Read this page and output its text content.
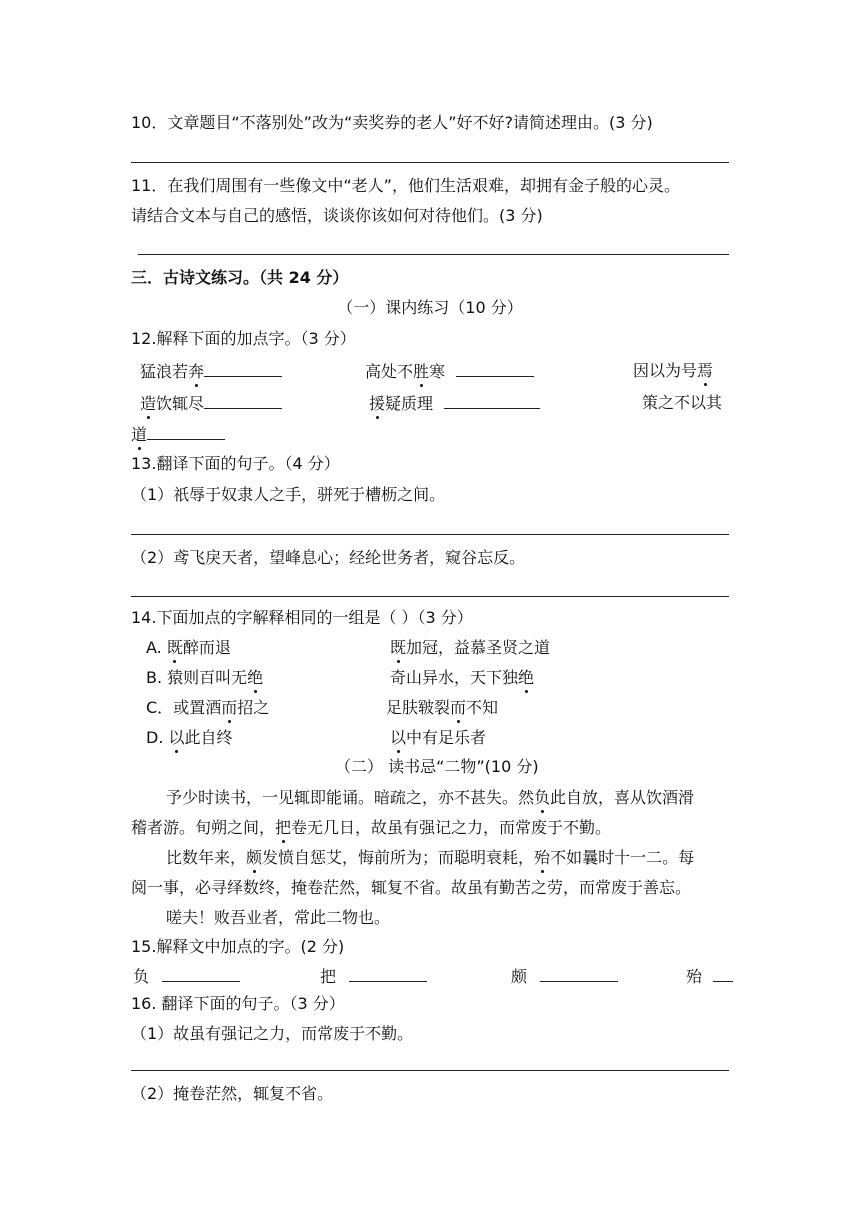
10．文章题目“不落别处”改为“卖奖券的老人”好不好?请简述理由。(3 分)
11．在我们周围有一些像文中“老人”，他们生活艰难，却拥有金子般的心灵。
请结合文本与自己的感悟，谈谈你该如何对待他们。(3 分)
三．古诗文练习。（共 24 分）
（一）课内练习（10 分）
12.解释下面的加点字。（3 分）
猛浪若奔	高处不胜寒	因以为号焉
造饮辄尽	援疑质理	策之不以其
道
13.翻译下面的句子。（4 分）
（1）祇辱于奴隶人之手，骈死于槽枥之间。
（2）鸢飞戾天者，望峰息心；经纶世务者，窥谷忘反。
14.下面加点的字解释相同的一组是（ ）（3 分）
A. 既醉而退	既加冠，益慕圣贤之道
B. 猿则百叫无绝	奇山异水，天下独绝
C．或置酒而招之	足肤皲裂而不知
D. 以此自终	以中有足乐者
（二） 读书忌“二物”(10 分)
予少时读书，一见辄即能诵。暗疏之，亦不甚失。然负此自放，喜从饮酒滑
稽者游。旬朔之间，把卷无几日，故虽有强记之力，而常废于不勤。
比数年来，颇发愤自惩艾，悔前所为；而聪明衰耗，殆不如曩时十一二。每
阅一事，必寻绎数终，掩卷茫然，辄复不省。故虽有勤苦之劳，而常废于善忘。
嗟夫！败吾业者，常此二物也。
15.解释文中加点的字。(2 分)
负	把	颇	殆
16. 翻译下面的句子。（3 分）
（1）故虽有强记之力，而常废于不勤。
（2）掩卷茫然，辄复不省。
